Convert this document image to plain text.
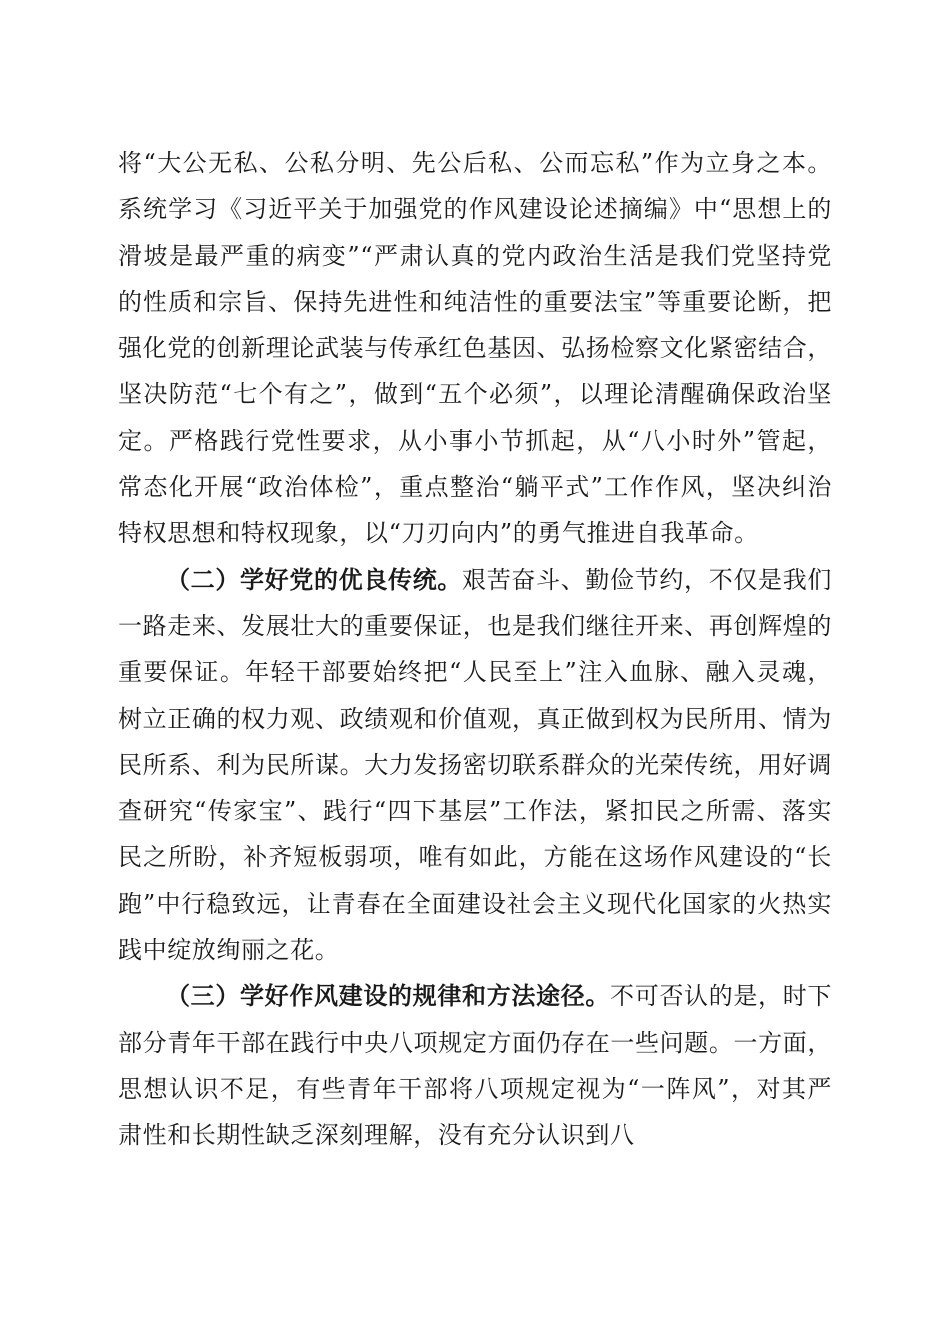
将“大公无私、公私分明、先公后私、公而忘私”作为立身之本。系统学习《习近平关于加强党的作风建设论述摘编》中“思想上的滑坡是最严重的病变”“严肃认真的党内政治生活是我们党坚持党的性质和宗旨、保持先进性和纯洁性的重要法宝”等重要论断，把强化党的创新理论武装与传承红色基因、弘扬检察文化紧密结合，坚决防范“七个有之”，做到“五个必须”，以理论清醒确保政治坚定。严格践行党性要求，从小事小节抓起，从“八小时外”管起，常态化开展“政治体检”，重点整治“躺平式”工作作风，坚决纠治特权思想和特权现象，以“刀刃向内”的勇气推进自我革命。

（二）学好党的优良传统。艰苦奋斗、勤俭节约，不仅是我们一路走来、发展壮大的重要保证，也是我们继往开来、再创辉煌的重要保证。年轻干部要始终把“人民至上”注入血脉、融入灵魂，树立正确的权力观、政绩观和价值观，真正做到权为民所用、情为民所系、利为民所谋。大力发扬密切联系群众的光荣传统，用好调查研究“传家宝”、践行“四下基层”工作法，紧扣民之所需、落实民之所盼，补齐短板弱项，唯有如此，方能在这场作风建设的“长跑”中行稳致远，让青春在全面建设社会主义现代化国家的火热实践中绽放绚丽之花。

（三）学好作风建设的规律和方法途径。不可否认的是，时下部分青年干部在践行中央八项规定方面仍存在一些问题。一方面，思想认识不足，有些青年干部将八项规定视为“一阵风”，对其严肃性和长期性缺乏深刻理解，没有充分认识到八
